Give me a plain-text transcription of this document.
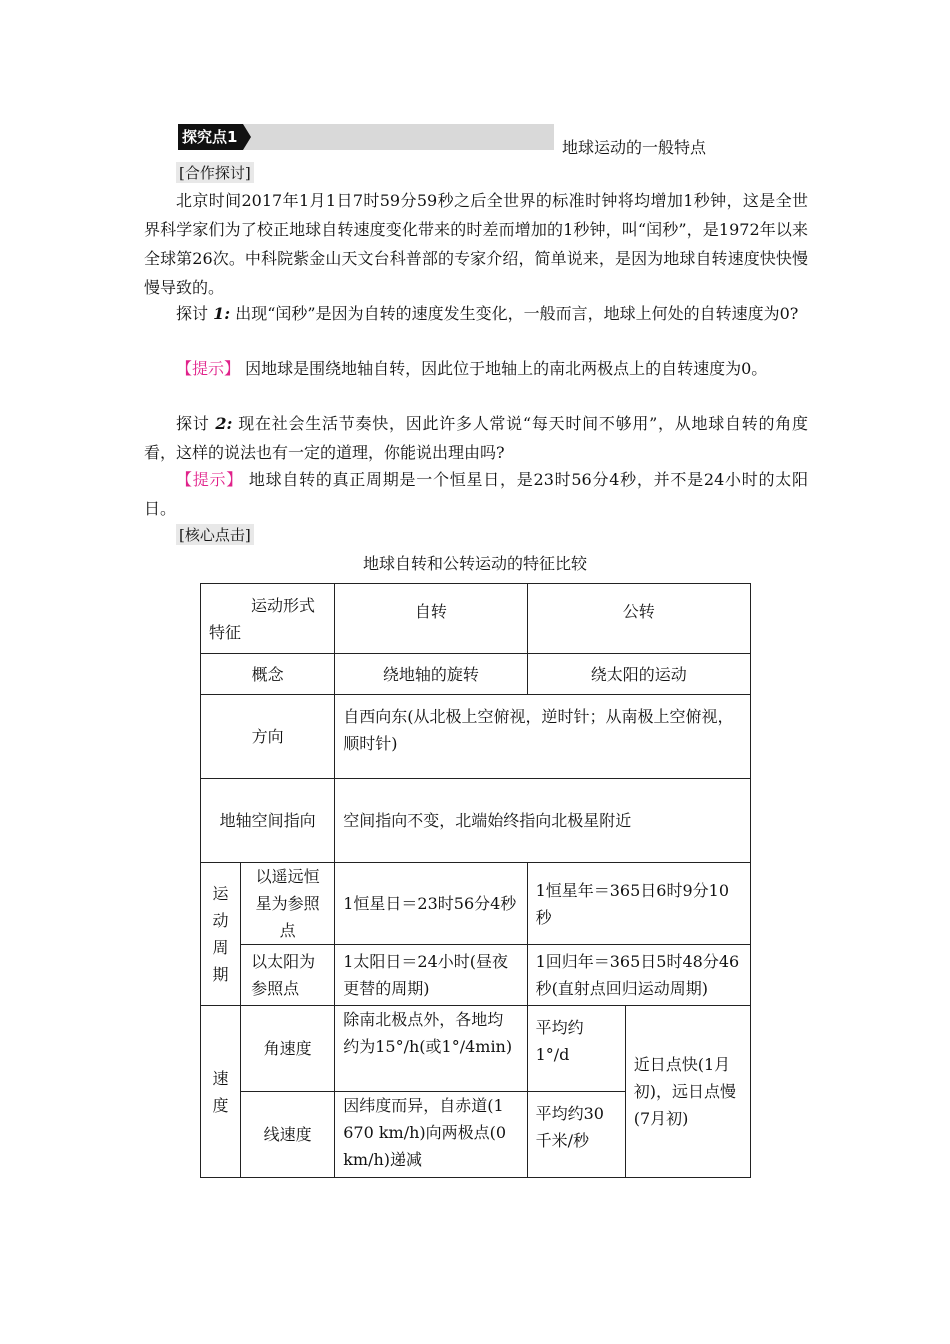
探究点1
地球运动的一般特点
[合作探讨]
北京时间2017年1月1日7时59分59秒之后全世界的标准时钟将均增加1秒钟，这是全世界科学家们为了校正地球自转速度变化带来的时差而增加的1秒钟，叫“闰秒”，是1972年以来全球第26次。中科院紫金山天文台科普部的专家介绍，简单说来，是因为地球自转速度快快慢慢导致的。
探讨 1: 出现“闰秒”是因为自转的速度发生变化，一般而言，地球上何处的自转速度为0?
【提示】 因地球是围绕地轴自转，因此位于地轴上的南北两极点上的自转速度为0。
探讨 2: 现在社会生活节奏快，因此许多人常说“每天时间不够用”，从地球自转的角度看，这样的说法也有一定的道理，你能说出理由吗?
【提示】 地球自转的真正周期是一个恒星日，是23时56分4秒，并不是24小时的太阳日。
[核心点击]
地球自转和公转运动的特征比较
运动形式
特征		自转	公转	
概念		绕地轴的旋转	绕太阳的运动	
方向		自西向东(从北极上空俯视，逆时针；从南极上空俯视，顺时针)		
地轴空间指向		空间指向不变，北端始终指向北极星附近		
运动周期	以遥远恒星为参照点	1恒星日＝23时56分4秒	1恒星年＝365日6时9分10秒	
	以太阳为参照点	1太阳日＝24小时(昼夜更替的周期)	1回归年＝365日5时48分46秒(直射点回归运动周期)	
速度	角速度	除南北极点外，各地均约为15°/h(或1°/4min)	平均约1°/d	近日点快(1月初)，远日点慢(7月初)
	线速度	因纬度而异，自赤道(1 670 km/h)向两极点(0 km/h)递减	平均约30千米/秒	
